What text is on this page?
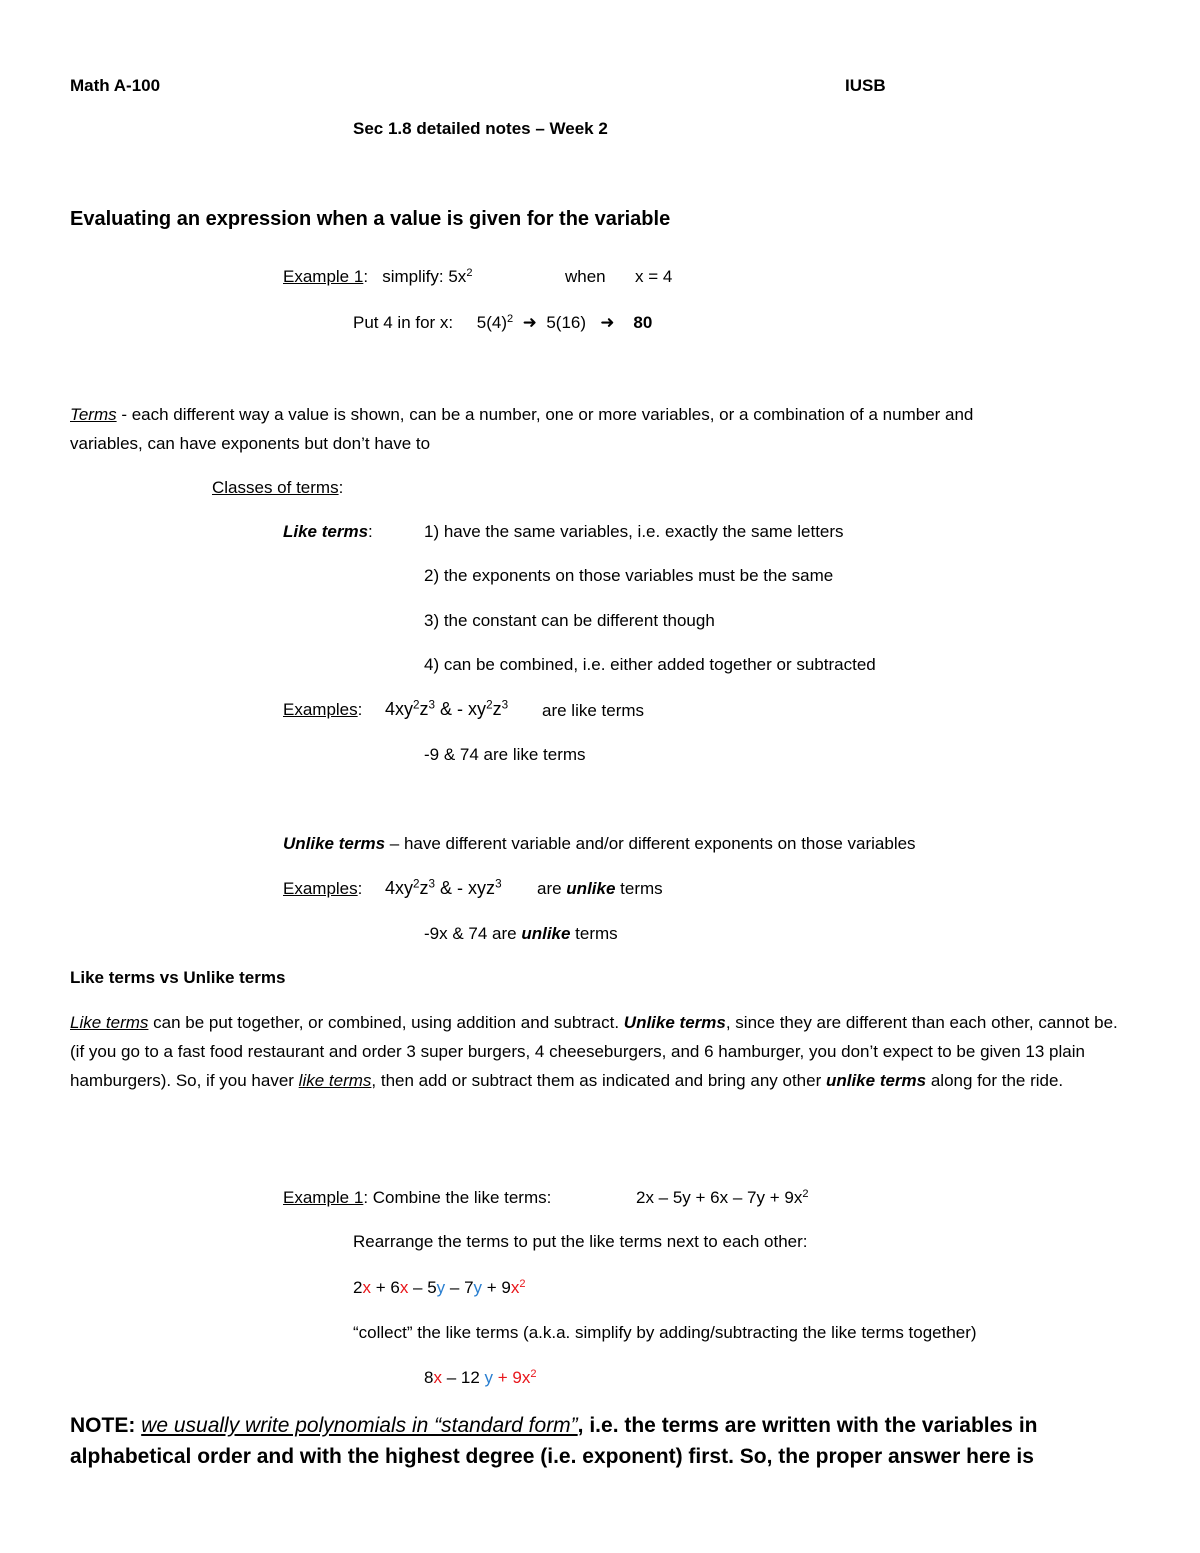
Math A-100	IUSB
Sec 1.8 detailed notes – Week 2
Evaluating an expression when a value is given for the variable
Example 1: simplify: $5x^2$	when x = 4
Put 4 in for x: $5(4)^2$ ➜ 5(16) ➜ 80
Terms - each different way a value is shown, can be a number, one or more variables, or a combination of a number and
variables, can have exponents but don’t have to
Classes of terms:
Like terms:	1) have the same variables, i.e. exactly the same letters
2) the exponents on those variables must be the same
3) the constant can be different though
4) can be combined, i.e. either added together or subtracted
Examples: $4xy^2z^3$ & - $xy^2z^3$ are like terms
-9 & 74 are like terms
Unlike terms – have different variable and/or different exponents on those variables
Examples: $4xy^2z^3$ & - xyz$^3$ are unlike terms
-9x & 74 are unlike terms
Like terms vs Unlike terms
Like terms can be put together, or combined, using addition and subtract. Unlike terms, since they are different than each other, cannot be. (if you go to a fast food restaurant and order 3 super burgers, 4 cheeseburgers, and 6 hamburger, you don’t expect to be given 13 plain hamburgers). So, if you haver like terms, then add or subtract them as indicated and bring any other unlike terms along for the ride.
Example 1: Combine the like terms:	$2x - 5y + 6x - 7y + 9x^2$
Rearrange the terms to put the like terms next to each other:
$2x + 6x - 5y - 7y + 9x^2$
“collect” the like terms (a.k.a. simplify by adding/subtracting the like terms together)
8x – 12 $y + 9x^2$
NOTE: we usually write polynomials in “standard form”, i.e. the terms are written with the variables in alphabetical order and with the highest degree (i.e. exponent) first. So, the proper answer here is
